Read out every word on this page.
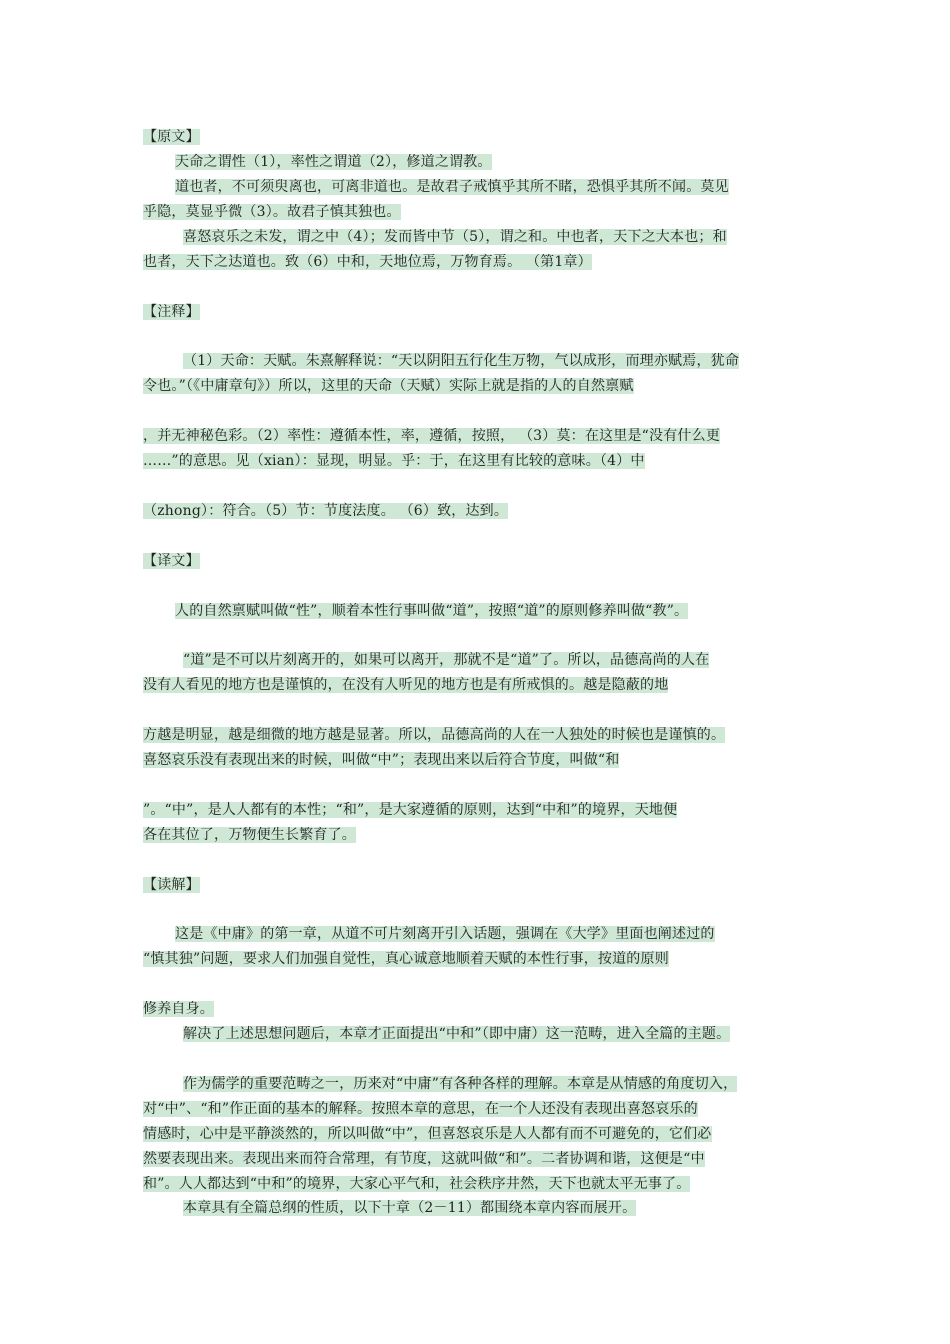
【原文】
天命之谓性（1），率性之谓道（2），修道之谓教。
道也者，不可须臾离也，可离非道也。是故君子戒慎乎其所不睹，恐惧乎其所不闻。莫见
乎隐，莫显乎微（3）。故君子慎其独也。
喜怒哀乐之未发，谓之中（4）；发而皆中节（5），谓之和。中也者，天下之大本也；和
也者，天下之达道也。致（6）中和，天地位焉，万物育焉。 （第1章）
【注释】
（1）天命：天赋。朱熹解释说：“天以阴阳五行化生万物，气以成形，而理亦赋焉，犹命
令也。”（《中庸章句》）所以，这里的天命（天赋）实际上就是指的人的自然禀赋
，并无神秘色彩。（2）率性：遵循本性，率，遵循，按照， （3）莫：在这里是“没有什么更
……”的意思。见（xian）：显现，明显。乎：于，在这里有比较的意味。（4）中
（zhong）：符合。（5）节：节度法度。 （6）致，达到。
【译文】
人的自然禀赋叫做“性”，顺着本性行事叫做“道”，按照“道”的原则修养叫做“教”。
“道”是不可以片刻离开的，如果可以离开，那就不是“道”了。所以，品德高尚的人在
没有人看见的地方也是谨慎的，在没有人听见的地方也是有所戒惧的。越是隐蔽的地
方越是明显，越是细微的地方越是显著。所以，品德高尚的人在一人独处的时候也是谨慎的。
喜怒哀乐没有表现出来的时候，叫做“中”；表现出来以后符合节度，叫做“和
”。“中”，是人人都有的本性；“和”，是大家遵循的原则，达到“中和”的境界，天地便
各在其位了，万物便生长繁育了。
【读解】
这是《中庸》的第一章，从道不可片刻离开引入话题，强调在《大学》里面也阐述过的
“慎其独”问题，要求人们加强自觉性，真心诚意地顺着天赋的本性行事，按道的原则
修养自身。
解决了上述思想问题后，本章才正面提出“中和”（即中庸）这一范畴，进入全篇的主题。
作为儒学的重要范畴之一，历来对“中庸”有各种各样的理解。本章是从情感的角度切入，
对“中”、“和”作正面的基本的解释。按照本章的意思，在一个人还没有表现出喜怒哀乐的
情感时，心中是平静淡然的，所以叫做“中”，但喜怒哀乐是人人都有而不可避免的，它们必
然要表现出来。表现出来而符合常理，有节度，这就叫做“和”。二者协调和谐，这便是“中
和”。人人都达到“中和”的境界，大家心平气和，社会秩序井然，天下也就太平无事了。
本章具有全篇总纲的性质，以下十章（2－11）都围绕本章内容而展开。
